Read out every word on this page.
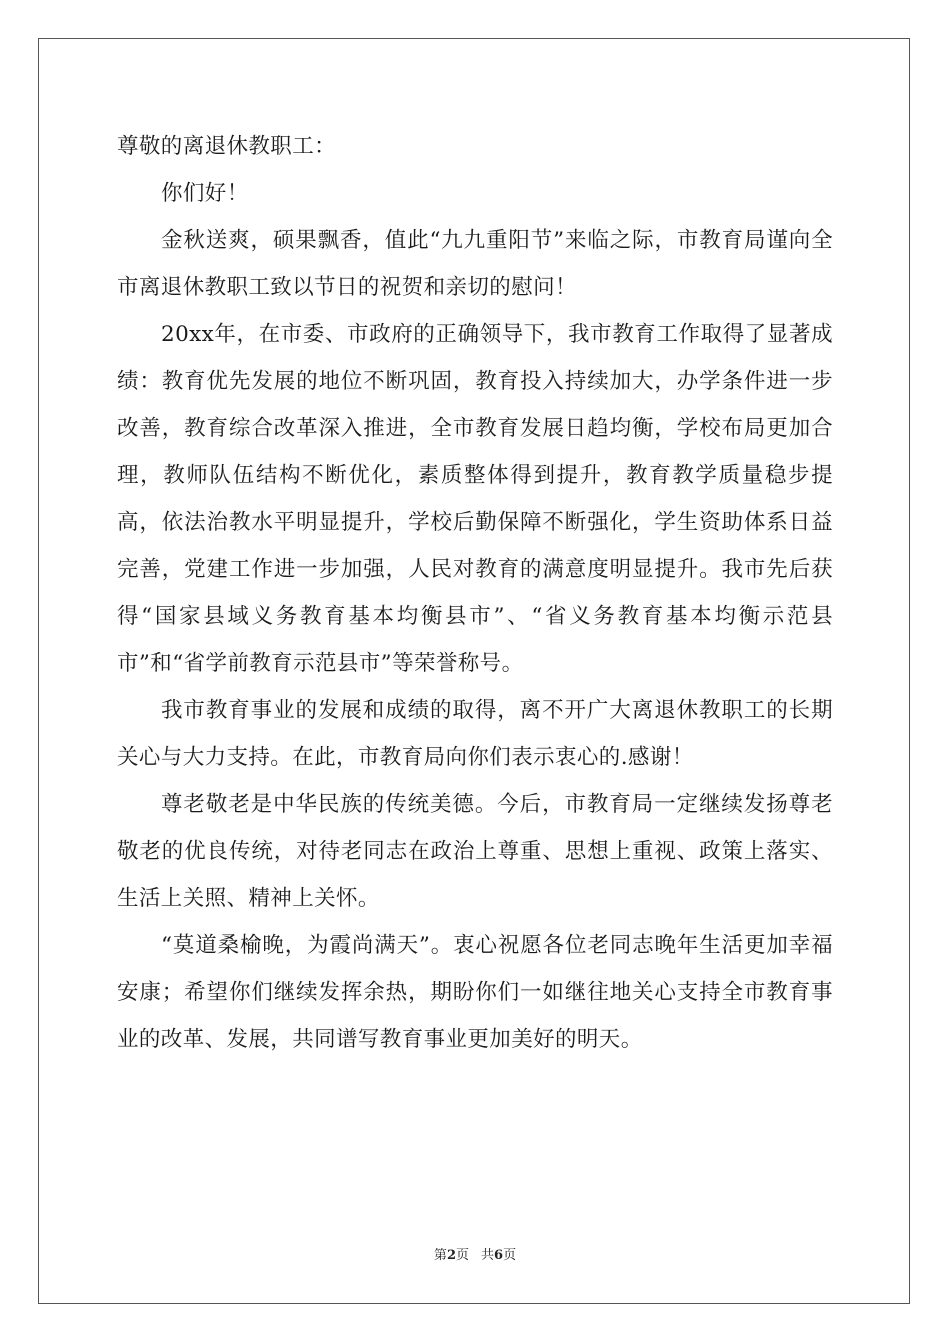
尊敬的离退休教职工：

你们好！

金秋送爽，硕果飘香，值此“九九重阳节”来临之际，市教育局谨向全市离退休教职工致以节日的祝贺和亲切的慰问！

20xx年，在市委、市政府的正确领导下，我市教育工作取得了显著成绩：教育优先发展的地位不断巩固，教育投入持续加大，办学条件进一步改善，教育综合改革深入推进，全市教育发展日趋均衡，学校布局更加合理，教师队伍结构不断优化，素质整体得到提升，教育教学质量稳步提高，依法治教水平明显提升，学校后勤保障不断强化，学生资助体系日益完善，党建工作进一步加强，人民对教育的满意度明显提升。我市先后获得“国家县域义务教育基本均衡县市”、“省义务教育基本均衡示范县市”和“省学前教育示范县市”等荣誉称号。

我市教育事业的发展和成绩的取得，离不开广大离退休教职工的长期关心与大力支持。在此，市教育局向你们表示衷心的.感谢！

尊老敬老是中华民族的传统美德。今后，市教育局一定继续发扬尊老敬老的优良传统，对待老同志在政治上尊重、思想上重视、政策上落实、生活上关照、精神上关怀。

“莫道桑榆晚，为霞尚满天”。衷心祝愿各位老同志晚年生活更加幸福安康；希望你们继续发挥余热，期盼你们一如继往地关心支持全市教育事业的改革、发展，共同谱写教育事业更加美好的明天。

第2页 共6页
